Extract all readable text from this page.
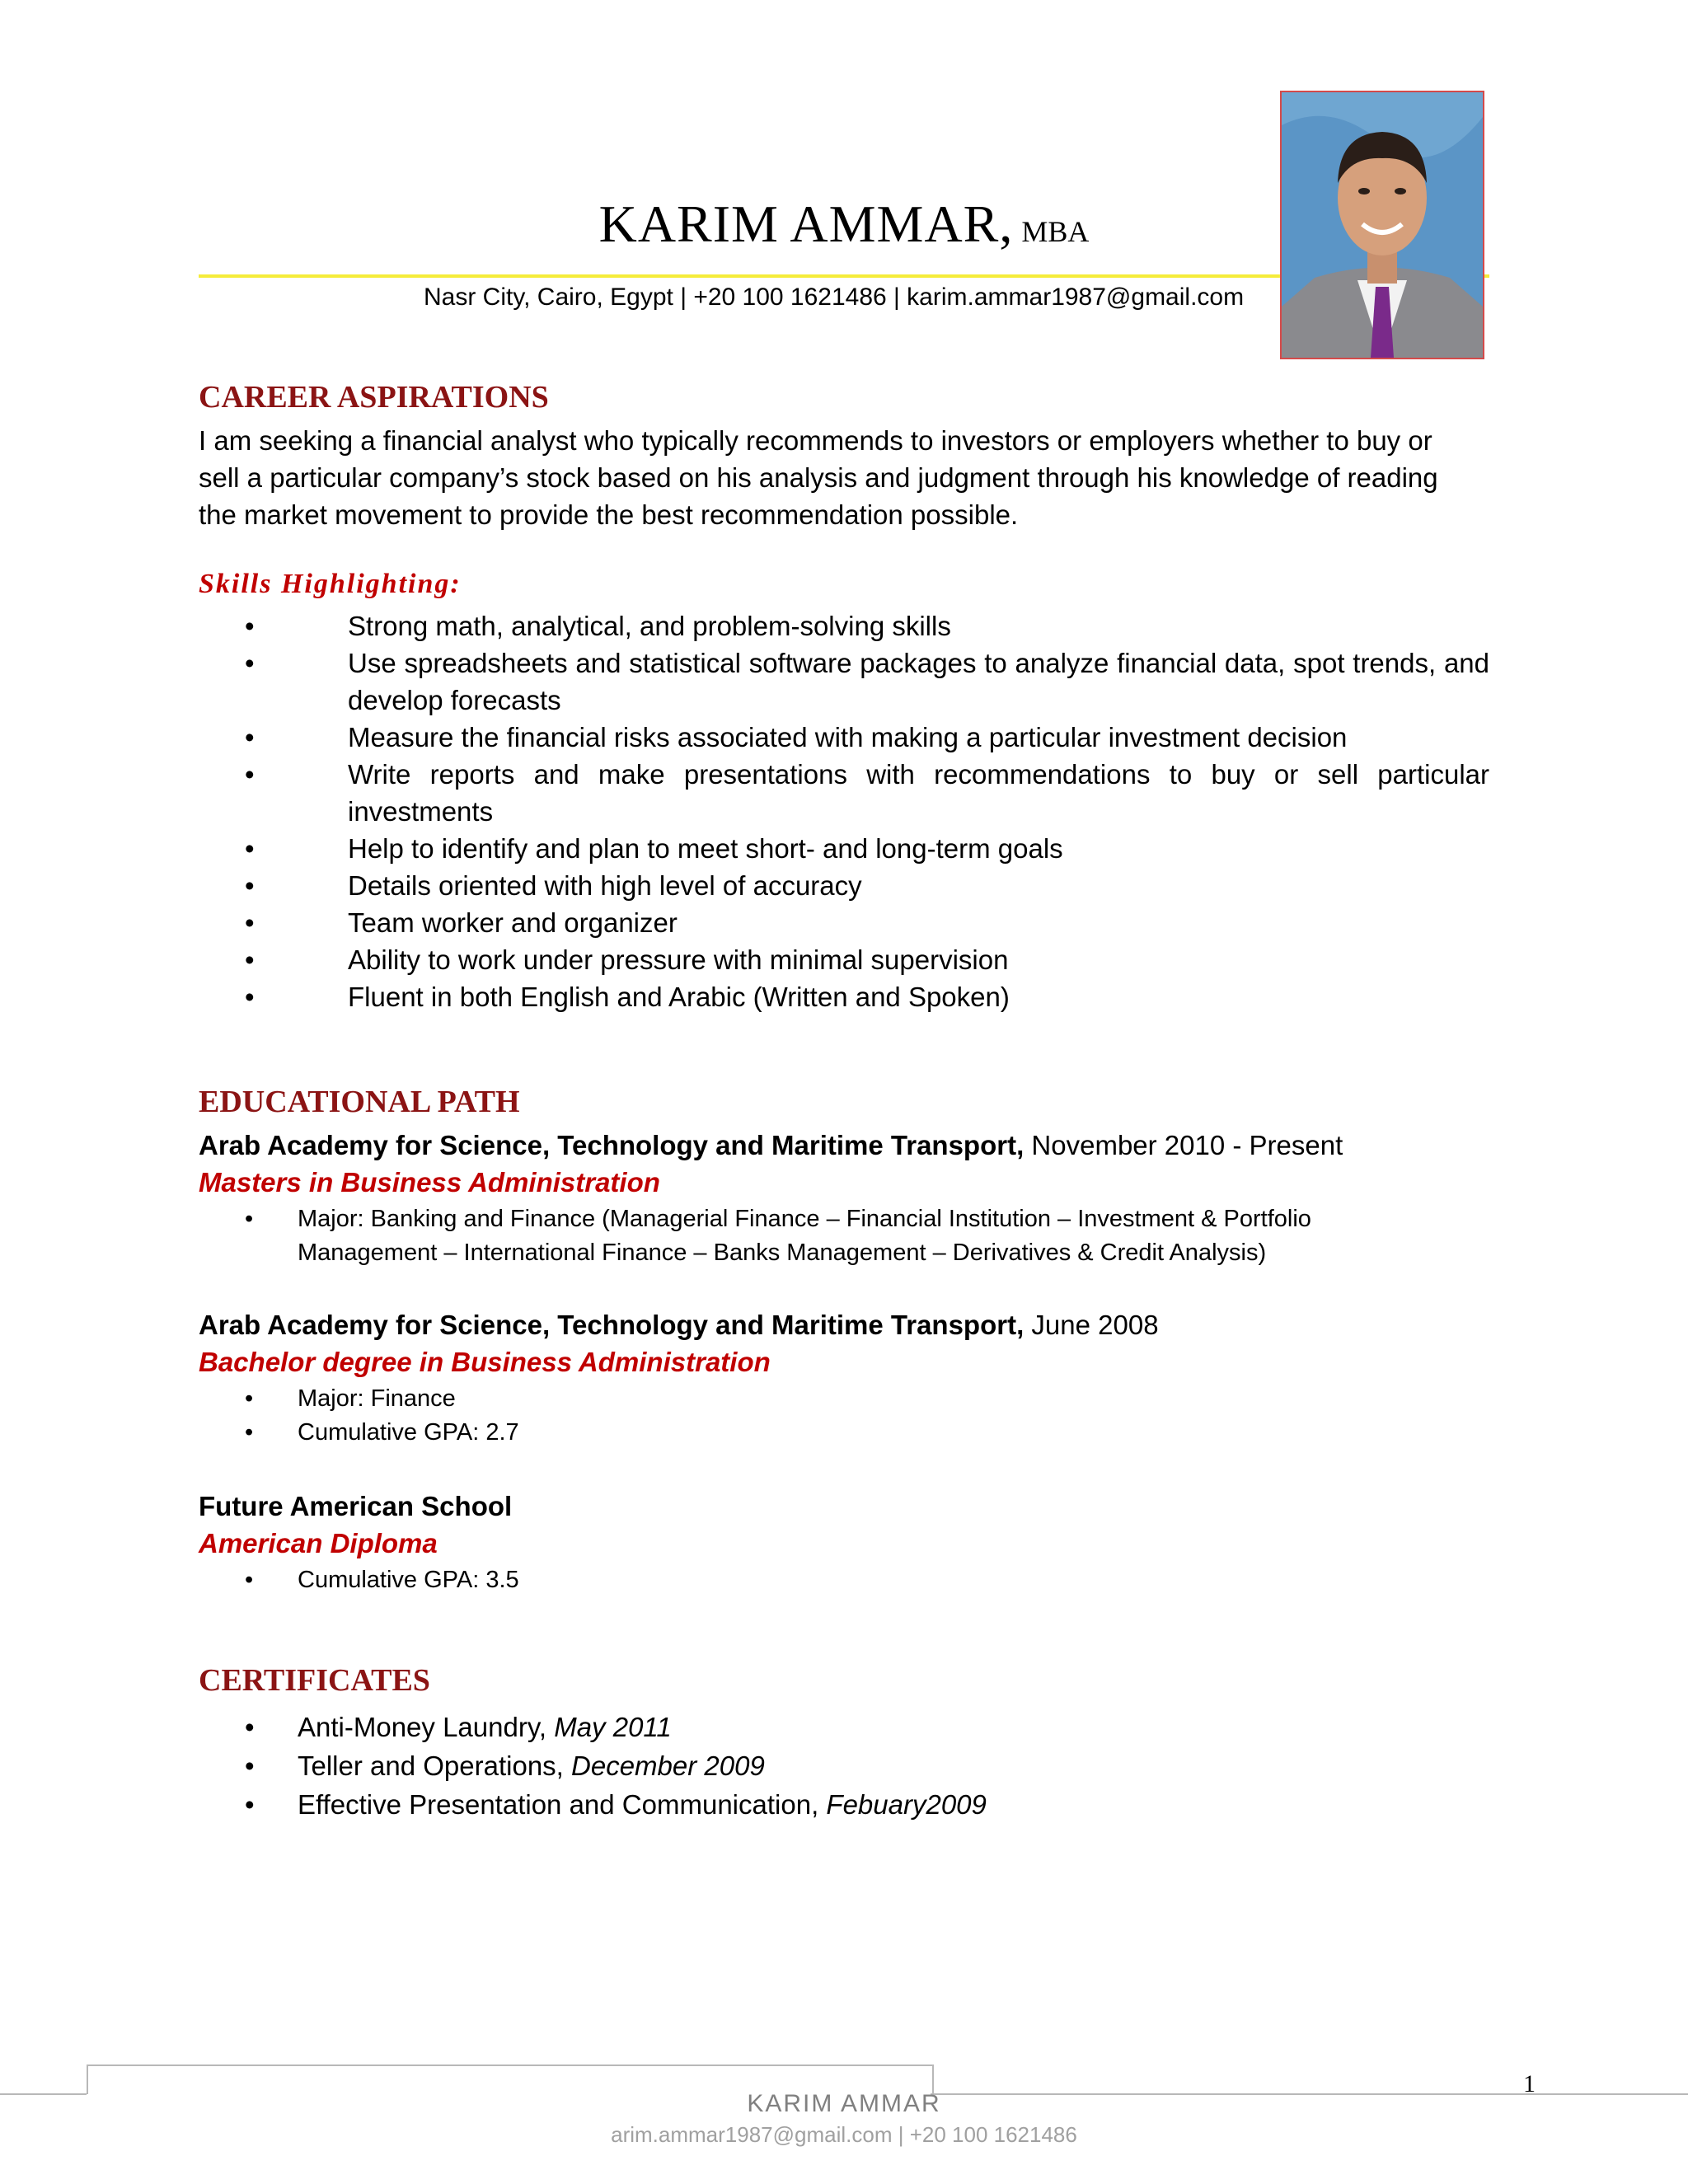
KARIM AMMAR, MBA
Nasr City, Cairo, Egypt | +20 100 1621486 | karim.ammar1987@gmail.com
CAREER ASPIRATIONS
I am seeking a financial analyst who typically recommends to investors or employers whether to buy or
sell a particular company’s stock based on his analysis and judgment through his knowledge of reading
the market movement to provide the best recommendation possible.
Skills Highlighting:
•	Strong math, analytical, and problem-solving skills
•	Use spreadsheets and statistical software packages to analyze financial data, spot trends, and develop forecasts
•	Measure the financial risks associated with making a particular investment decision
•	Write reports and make presentations with recommendations to buy or sell particular investments
•	Help to identify and plan to meet short- and long-term goals
•	Details oriented with high level of accuracy
•	Team worker and organizer
•	Ability to work under pressure with minimal supervision
•	Fluent in both English and Arabic (Written and Spoken)
EDUCATIONAL PATH
Arab Academy for Science, Technology and Maritime Transport, November 2010 - Present
Masters in Business Administration
• Major: Banking and Finance (Managerial Finance – Financial Institution – Investment & Portfolio
Management – International Finance – Banks Management – Derivatives & Credit Analysis)
Arab Academy for Science, Technology and Maritime Transport, June 2008
Bachelor degree in Business Administration
• Major: Finance
• Cumulative GPA: 2.7
Future American School
American Diploma
• Cumulative GPA: 3.5
CERTIFICATES
• Anti-Money Laundry, May 2011
• Teller and Operations, December 2009
• Effective Presentation and Communication, Febuary2009
KARIM AMMAR
arim.ammar1987@gmail.com | +20 100 1621486
1
